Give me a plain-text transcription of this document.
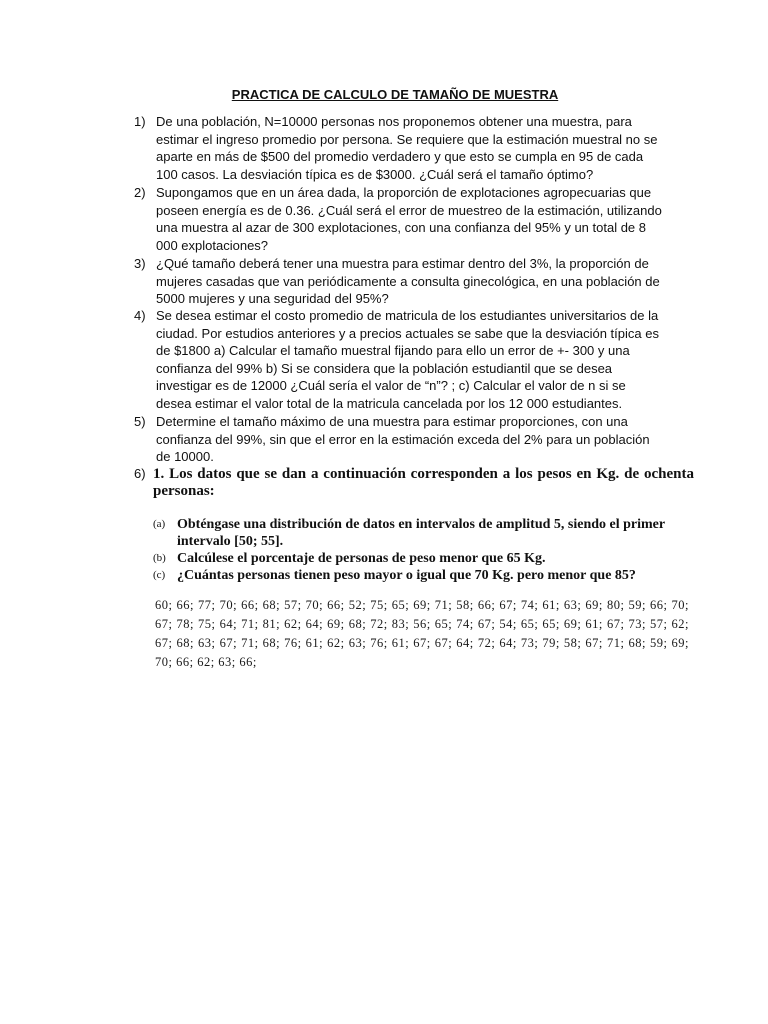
PRACTICA DE CALCULO DE TAMAÑO DE MUESTRA
1) De una población, N=10000 personas nos proponemos obtener una muestra, para estimar el ingreso promedio por persona. Se requiere que la estimación muestral no se aparte en más de $500 del promedio verdadero y que esto se cumpla en 95 de cada 100 casos. La desviación típica es de $3000. ¿Cuál será el tamaño óptimo?
2) Supongamos que en un área dada, la proporción de explotaciones agropecuarias que poseen energía es de 0.36. ¿Cuál será el error de muestreo de la estimación, utilizando una muestra al azar de 300 explotaciones, con una confianza del 95% y un total de 8 000 explotaciones?
3) ¿Qué tamaño deberá tener una muestra para estimar dentro del 3%, la proporción de mujeres casadas que van periódicamente a consulta ginecológica, en una población de 5000 mujeres y una seguridad del 95%?
4) Se desea estimar el costo promedio de matricula de los estudiantes universitarios de la ciudad. Por estudios anteriores y a precios actuales se sabe que la desviación típica es de $1800 a) Calcular el tamaño muestral fijando para ello un error de +- 300 y una confianza del 99% b) Si se considera que la población estudiantil que se desea investigar es de 12000 ¿Cuál sería el valor de “n”? ; c) Calcular el valor de n si se desea estimar el valor total de la matricula cancelada por los 12 000 estudiantes.
5) Determine el tamaño máximo de una muestra para estimar proporciones, con una confianza del 99%, sin que el error en la estimación exceda del 2% para un población de 10000.
6) 1. Los datos que se dan a continuación corresponden a los pesos en Kg. de ochenta personas:
(a) Obténgase una distribución de datos en intervalos de amplitud 5, siendo el primer intervalo [50; 55].
(b) Calcúlese el porcentaje de personas de peso menor que 65 Kg.
(c) ¿Cuántas personas tienen peso mayor o igual que 70 Kg. pero menor que 85?
60; 66; 77; 70; 66; 68; 57; 70; 66; 52; 75; 65; 69; 71; 58; 66; 67; 74; 61; 63; 69; 80; 59; 66; 70; 67; 78; 75; 64; 71; 81; 62; 64; 69; 68; 72; 83; 56; 65; 74; 67; 54; 65; 65; 69; 61; 67; 73; 57; 62; 67; 68; 63; 67; 71; 68; 76; 61; 62; 63; 76; 61; 67; 67; 64; 72; 64; 73; 79; 58; 67; 71; 68; 59; 69; 70; 66; 62; 63; 66;
